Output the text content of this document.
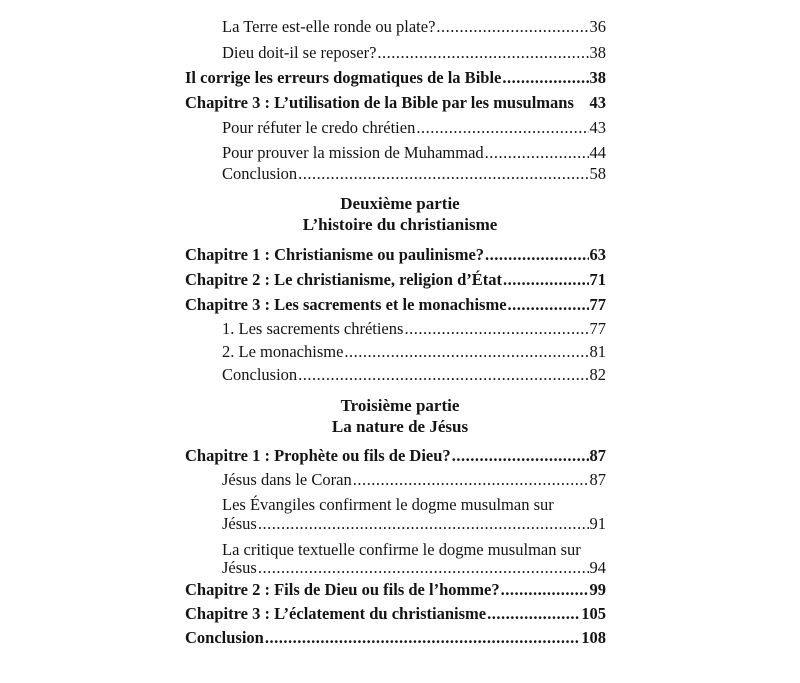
La Terre est-elle ronde ou plate? .....	36
Dieu doit-il se reposer? .....	38
Il corrige les erreurs dogmatiques de la Bible .....	38
Chapitre 3 : L’utilisation de la Bible par les musulmans 43
Pour réfuter le credo chrétien .....	43
Pour prouver la mission de Muhammad .....	44
Conclusion .....	58
Deuxième partie
L’histoire du christianisme
Chapitre 1 : Christianisme ou paulinisme? .....	63
Chapitre 2 : Le christianisme, religion d’État .....	71
Chapitre 3 : Les sacrements et le monachisme .....	77
1. Les sacrements chrétiens .....	77
2. Le monachisme .....	81
Conclusion .....	82
Troisième partie
La nature de Jésus
Chapitre 1 : Prophète ou fils de Dieu? .....	87
Jésus dans le Coran .....	87
Les Évangiles confirment le dogme musulman sur
Jésus .....	91
La critique textuelle confirme le dogme musulman sur
Jésus .....	94
Chapitre 2 : Fils de Dieu ou fils de l’homme? .....	99
Chapitre 3 : L’éclatement du christianisme .....	105
Conclusion .....	108
